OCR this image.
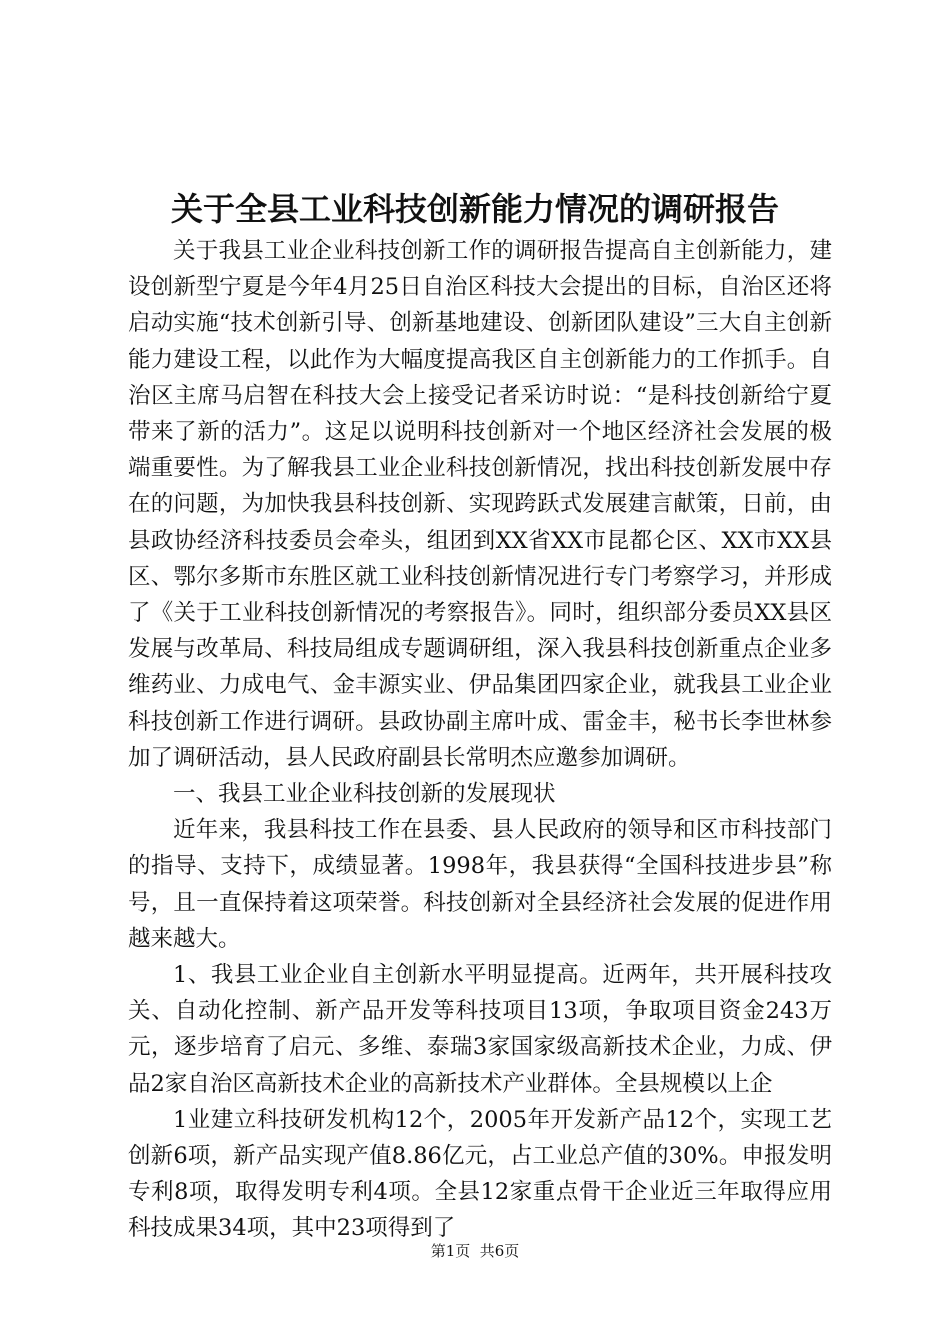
关于全县工业科技创新能力情况的调研报告

关于我县工业企业科技创新工作的调研报告提高自主创新能力，建设创新型宁夏是今年4月25日自治区科技大会提出的目标，自治区还将启动实施“技术创新引导、创新基地建设、创新团队建设”三大自主创新能力建设工程，以此作为大幅度提高我区自主创新能力的工作抓手。自治区主席马启智在科技大会上接受记者采访时说：“是科技创新给宁夏带来了新的活力”。这足以说明科技创新对一个地区经济社会发展的极端重要性。为了解我县工业企业科技创新情况，找出科技创新发展中存在的问题，为加快我县科技创新、实现跨跃式发展建言献策，日前，由县政协经济科技委员会牵头，组团到XX省XX市昆都仑区、XX市XX县区、鄂尔多斯市东胜区就工业科技创新情况进行专门考察学习，并形成了《关于工业科技创新情况的考察报告》。同时，组织部分委员XX县区发展与改革局、科技局组成专题调研组，深入我县科技创新重点企业多维药业、力成电气、金丰源实业、伊品集团四家企业，就我县工业企业科技创新工作进行调研。县政协副主席叶成、雷金丰，秘书长李世林参加了调研活动，县人民政府副县长常明杰应邀参加调研。

一、我县工业企业科技创新的发展现状

近年来，我县科技工作在县委、县人民政府的领导和区市科技部门的指导、支持下，成绩显著。1998年，我县获得“全国科技进步县”称号，且一直保持着这项荣誉。科技创新对全县经济社会发展的促进作用越来越大。

1、我县工业企业自主创新水平明显提高。近两年，共开展科技攻关、自动化控制、新产品开发等科技项目13项，争取项目资金243万元，逐步培育了启元、多维、泰瑞3家国家级高新技术企业，力成、伊品2家自治区高新技术企业的高新技术产业群体。全县规模以上企

1业建立科技研发机构12个，2005年开发新产品12个，实现工艺创新6项，新产品实现产值8.86亿元，占工业总产值的30%。申报发明专利8项，取得发明专利4项。全县12家重点骨干企业近三年取得应用科技成果34项，其中23项得到了

第1页  共6页
